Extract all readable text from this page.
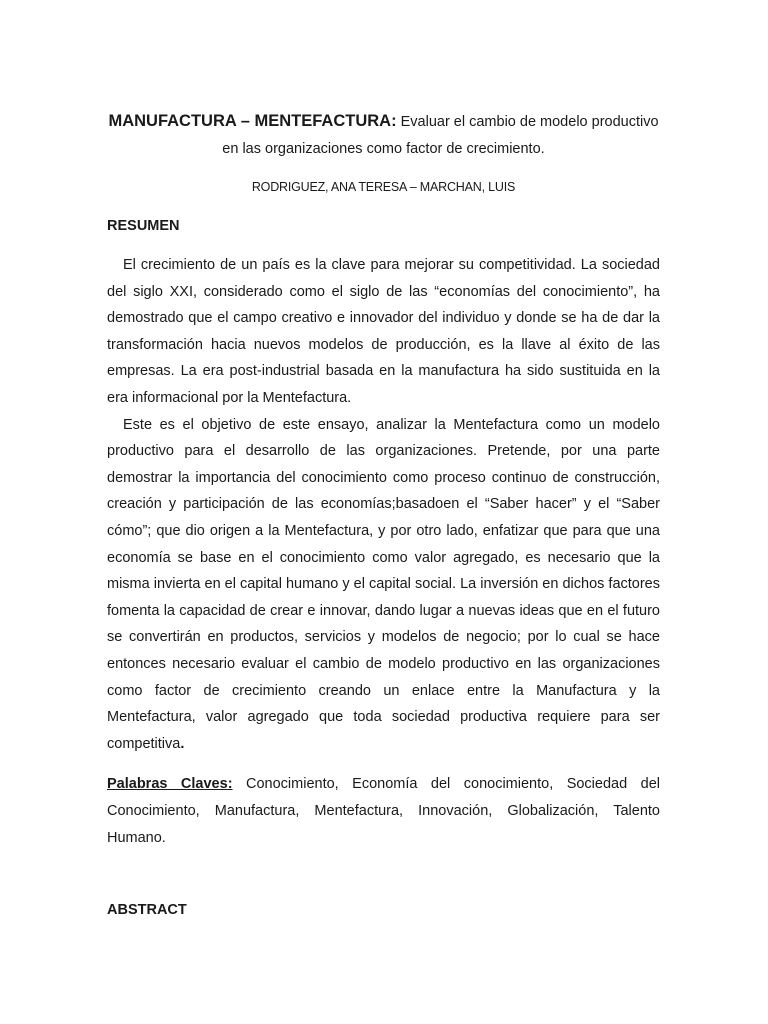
MANUFACTURA – MENTEFACTURA: Evaluar el cambio de modelo productivo en las organizaciones como factor de crecimiento.

RODRIGUEZ, ANA TERESA – MARCHAN, LUIS

RESUMEN

El crecimiento de un país es la clave para mejorar su competitividad. La sociedad del siglo XXI, considerado como el siglo de las “economías del conocimiento”, ha demostrado que el campo creativo e innovador del individuo y donde se ha de dar la transformación hacia nuevos modelos de producción, es la llave al éxito de las empresas. La era post-industrial basada en la manufactura ha sido sustituida en la era informacional por la Mentefactura.

Este es el objetivo de este ensayo, analizar la Mentefactura como un modelo productivo para el desarrollo de las organizaciones. Pretende, por una parte demostrar la importancia del conocimiento como proceso continuo de construcción, creación y participación de las economías;basadoen el “Saber hacer” y el “Saber cómo”; que dio origen a la Mentefactura, y por otro lado, enfatizar que para que una economía se base en el conocimiento como valor agregado, es necesario que la misma invierta en el capital humano y el capital social. La inversión en dichos factores fomenta la capacidad de crear e innovar, dando lugar a nuevas ideas que en el futuro se convertirán en productos, servicios y modelos de negocio; por lo cual se hace entonces necesario evaluar el cambio de modelo productivo en las organizaciones como factor de crecimiento creando un enlace entre la Manufactura y la Mentefactura, valor agregado que toda sociedad productiva requiere para ser competitiva.

Palabras Claves: Conocimiento, Economía del conocimiento, Sociedad del Conocimiento, Manufactura, Mentefactura, Innovación, Globalización, Talento Humano.

ABSTRACT
